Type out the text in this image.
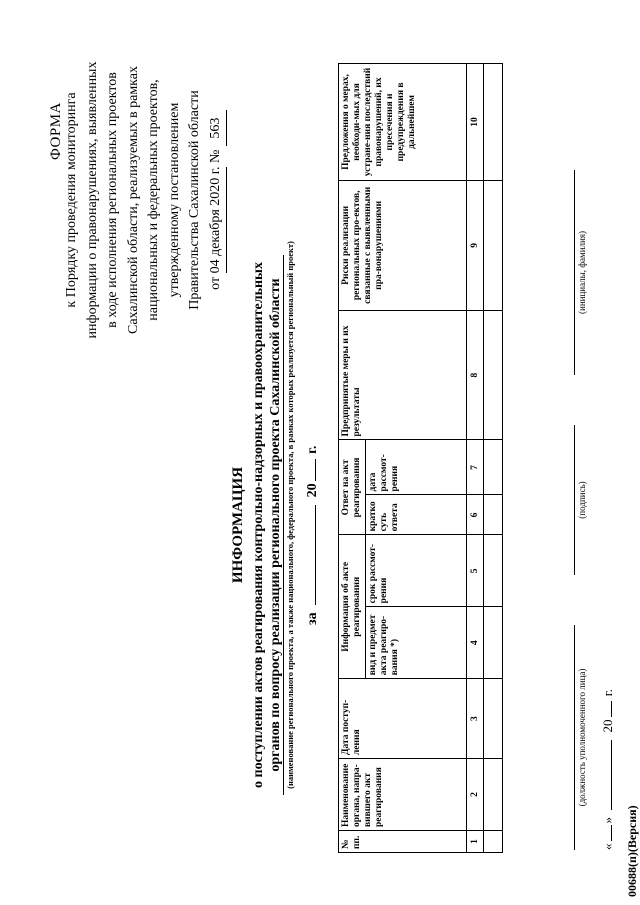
ФОРМА к Порядку проведения мониторинга информации о правонарушениях, выявленных в ходе исполнения региональных проектов Сахалинской области, реализуемых в рамках национальных и федеральных проектов, утвержденному постановлением Правительства Сахалинской области от 04 декабря 2020 г. № 563
ИНФОРМАЦИЯ о поступлении актов реагирования контрольно-надзорных и правоохранительных органов по вопросу реализации регионального проекта Сахалинской области (наименование регионального проекта, а также национального, федерального проекта, в рамках которых реализуется региональный проект) за  20 г.
№ пп.	Наименование органа, напра-вившего акт реагирования	Дата поступ-ления	Информация об акте реагирования		Ответ на акт реагирования		Предпринятые меры и их результаты	Риски реализации региональных про-ектов, связанные с выявленными пра-вонарушениями	Предложения о мерах, необходи-мых для устране-ния последствий правонарушений, их пресечения и предупреждения в дальнейшем
			вид и предмет акта реагиро-вания *)	срок рассмот-рения	кратко суть ответа	дата рассмот-рения			
1	2	3	4	5	6	7	8	9	10

(должность уполномоченного лица)
(подпись)
(инициалы, фамилия)
«»  20 г.
00688(п)(Версия)
